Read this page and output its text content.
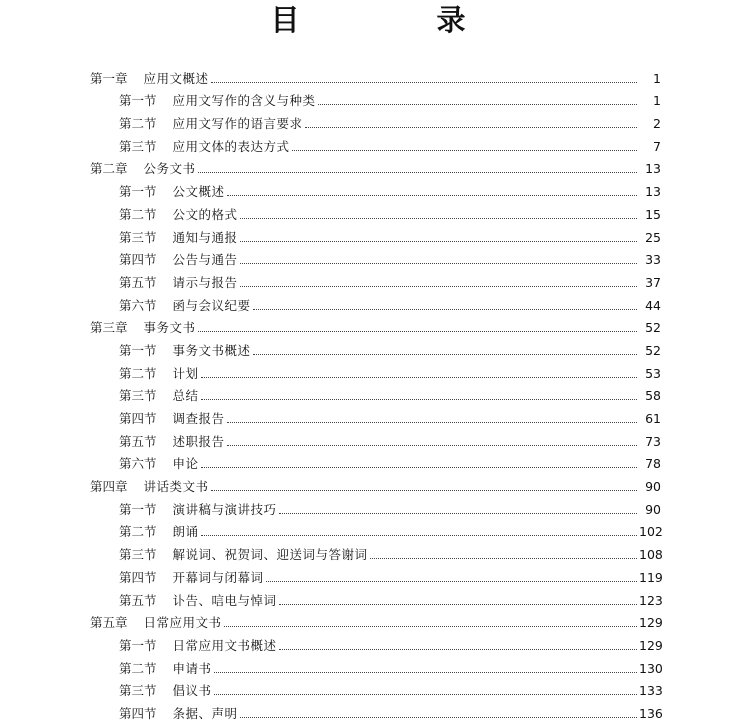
目　录
第一章 应用文概述	1
第一节 应用文写作的含义与种类	1
第二节 应用文写作的语言要求	2
第三节 应用文体的表达方式	7
第二章 公务文书	13
第一节 公文概述	13
第二节 公文的格式	15
第三节 通知与通报	25
第四节 公告与通告	33
第五节 请示与报告	37
第六节 函与会议纪要	44
第三章 事务文书	52
第一节 事务文书概述	52
第二节 计划	53
第三节 总结	58
第四节 调查报告	61
第五节 述职报告	73
第六节 申论	78
第四章 讲话类文书	90
第一节 演讲稿与演讲技巧	90
第二节 朗诵	102
第三节 解说词、祝贺词、迎送词与答谢词	108
第四节 开幕词与闭幕词	119
第五节 讣告、唁电与悼词	123
第五章 日常应用文书	129
第一节 日常应用文书概述	129
第二节 申请书	130
第三节 倡议书	133
第四节 条据、声明	136
